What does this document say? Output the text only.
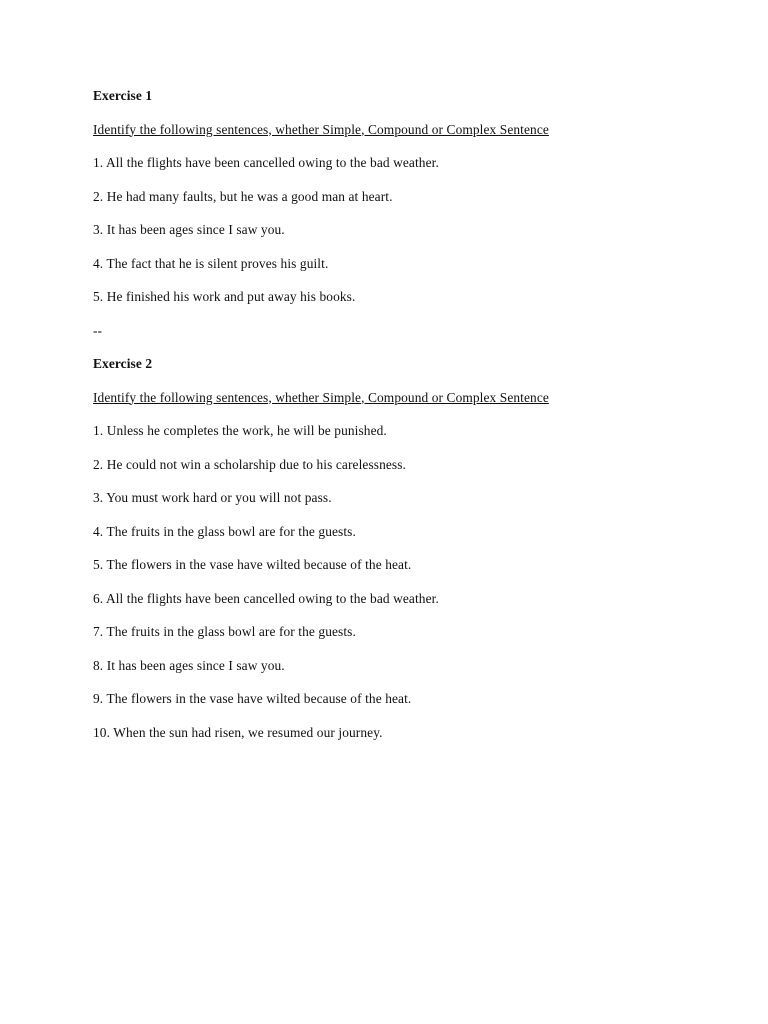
Exercise 1
Identify the following sentences, whether Simple, Compound or Complex Sentence
1. All the flights have been cancelled owing to the bad weather.
2. He had many faults, but he was a good man at heart.
3. It has been ages since I saw you.
4. The fact that he is silent proves his guilt.
5. He finished his work and put away his books.
--
Exercise 2
Identify the following sentences, whether Simple, Compound or Complex Sentence
1. Unless he completes the work, he will be punished.
2. He could not win a scholarship due to his carelessness.
3. You must work hard or you will not pass.
4. The fruits in the glass bowl are for the guests.
5. The flowers in the vase have wilted because of the heat.
6. All the flights have been cancelled owing to the bad weather.
7. The fruits in the glass bowl are for the guests.
8. It has been ages since I saw you.
9. The flowers in the vase have wilted because of the heat.
10. When the sun had risen, we resumed our journey.
